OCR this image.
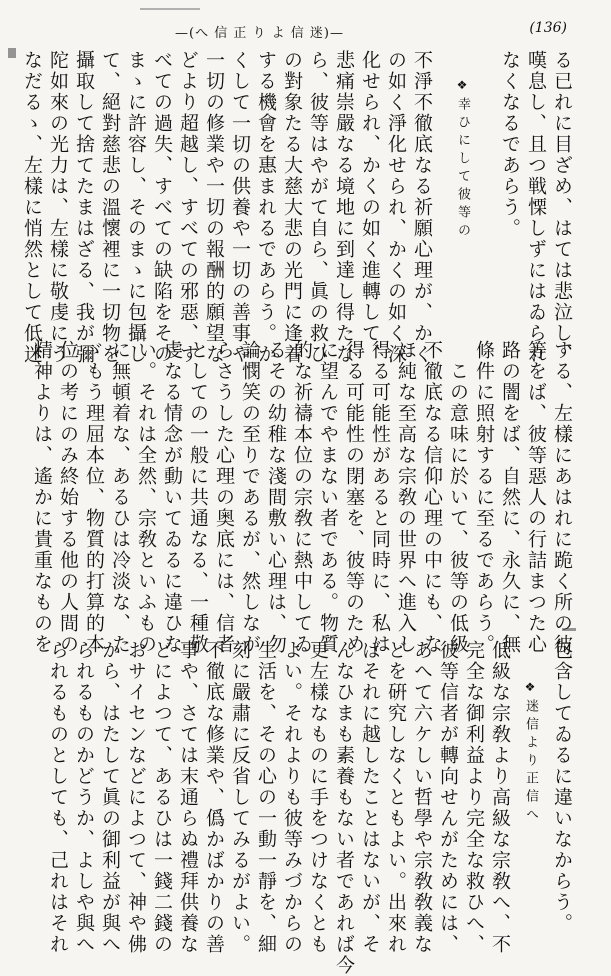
—(へ 信 正 り よ 信 迷)—	(136)
る已れに目ざめ、はては悲泣し、
嘆息し、且つ戦慄しずにはゐられ
なくなるであらう。
❖幸ひにして彼等の
不淨不徹底なる祈願心理が、かく
の如く淨化せられ、かくの如く深
化せられ、かくの如く進轉して、
悲痛崇嚴なる境地に到達し得たな
ら、彼等はやがて自ら、眞の救ひ
の對象たる大慈大悲の光門に逢着
する機會を惠まれるであらう。か
くして一切の供養や一切の善事や
一切の修業や一切の報酬的願望な
どより超越し、すべての邪惡、す
べての過失、すべての缺陷をその
まゝに許容し、そのまゝに包攝し
て、絕對慈悲の溫懷裡に一切物を
攝取して捨てたまはざる、我が彌
陀如來の光力は、左樣に敬虔にう
なだるゝ、左樣に悄然として低迷
する、左樣にあはれに跪く所の彼
等をば、彼等惡人の行詰まつた心
路の闇をば、自然に、永久に、無
條件に照射するに至るであらう。
　この意味に於いて、彼等の低級
不徹底なる信仰心理の中にも、な
ほ純な至高な宗敎の世界へ進入し
得る可能性があると同時に、私は
得る可能性の閉塞を、彼等のため
に望んでやまない者である。物質
的な祈禱本位の宗敎に熱中してゐ
るその幼稚な淺間敷い心理は、勿
論憫笑の至りであるが、然しなが
らさうした心理の奥底には、信者
としての一般に共通なる、一種敬
虔なる情念が動いてゐるに違ひな
い。それは全然、宗敎といふもの
に無頓着な、あるひは冷淡な、た
ゞもう理屈本位、物質的打算的本
位の考にのみ終始する他の人間の
精神よりは、遙かに貴重なものを
包含してゐるに違いなからう。
❖迷信より正信へ
低級な宗敎より高級な宗敎へ、不
完全な御利益より完全な救ひへ、
彼等信者が轉向せんがためには、
あへて六ケしい哲學や宗敎敎義な
どを硏究しなくともよい。出來れ
ばそれに越したことはないが、そ
んなひまも素養もない者であれば今
更左樣なものに手をつけなくとも
よい。それよりも彼等みづからの
生活を、その心の一動一靜を、細
刻に嚴肅に反省してみるがよい。
不徹底な修業や、僞かばかりの善
事や、さては末通らぬ禮拜供養な
どによつて、あるひは一錢二錢の
おサイセンなどによつて、神や佛
から、はたして眞の御利益が與へ
られるものかどうか、よしや與へ
られるものとしても、己れはそれ
